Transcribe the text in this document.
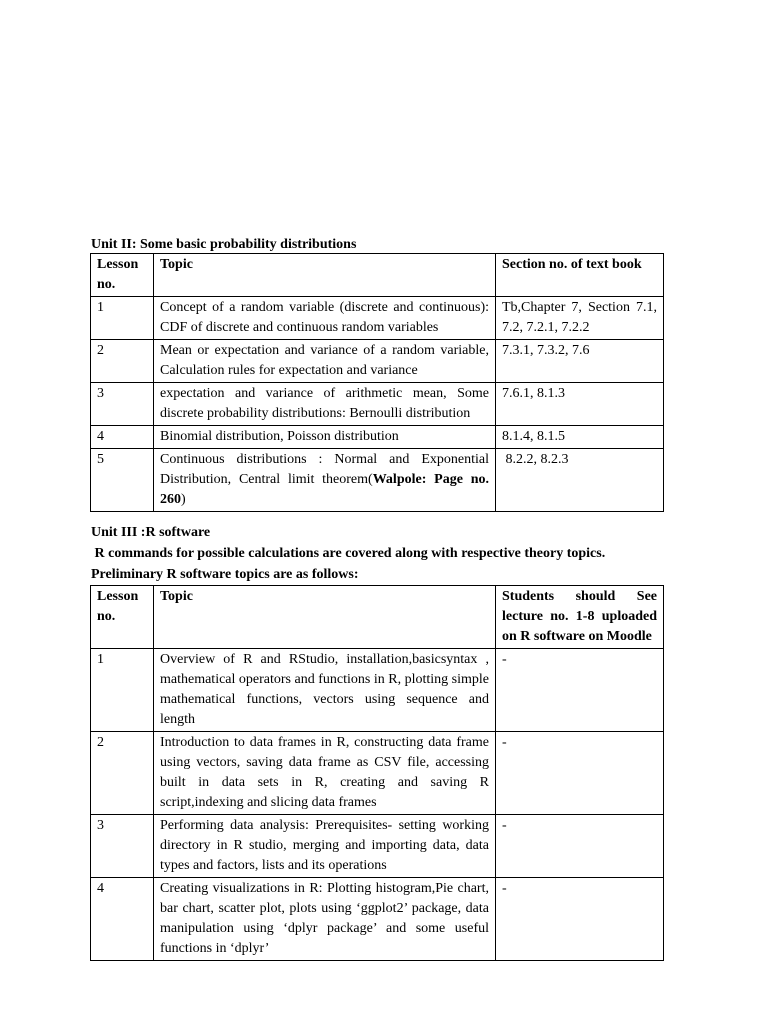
Unit II: Some basic probability distributions
Lesson no.	Topic	Section no. of text book
1	Concept of a random variable (discrete and continuous): CDF of discrete and continuous random variables	Tb,Chapter 7, Section 7.1, 7.2, 7.2.1, 7.2.2
2	Mean or expectation and variance of a random variable, Calculation rules for expectation and variance	7.3.1, 7.3.2, 7.6
3	expectation and variance of arithmetic mean, Some discrete probability distributions: Bernoulli distribution	7.6.1, 8.1.3
4	Binomial distribution, Poisson distribution	8.1.4, 8.1.5
5	Continuous distributions : Normal and Exponential Distribution, Central limit theorem(Walpole: Page no. 260)	8.2.2, 8.2.3
Unit III :R software
R commands for possible calculations are covered along with respective theory topics.
Preliminary R software topics are as follows:
Lesson no.	Topic	Students should See lecture no. 1-8 uploaded on R software on Moodle
1	Overview of R and RStudio, installation,basicsyntax , mathematical operators and functions in R, plotting simple mathematical functions, vectors using sequence and length	-
2	Introduction to data frames in R, constructing data frame using vectors, saving data frame as CSV file, accessing built in data sets in R, creating and saving R script,indexing and slicing data frames	-
3	Performing data analysis: Prerequisites- setting working directory in R studio, merging and importing data, data types and factors, lists and its operations	-
4	Creating visualizations in R: Plotting histogram,Pie chart, bar chart, scatter plot, plots using ‘ggplot2’ package, data manipulation using ‘dplyr package’ and some useful functions in ‘dplyr’	-
